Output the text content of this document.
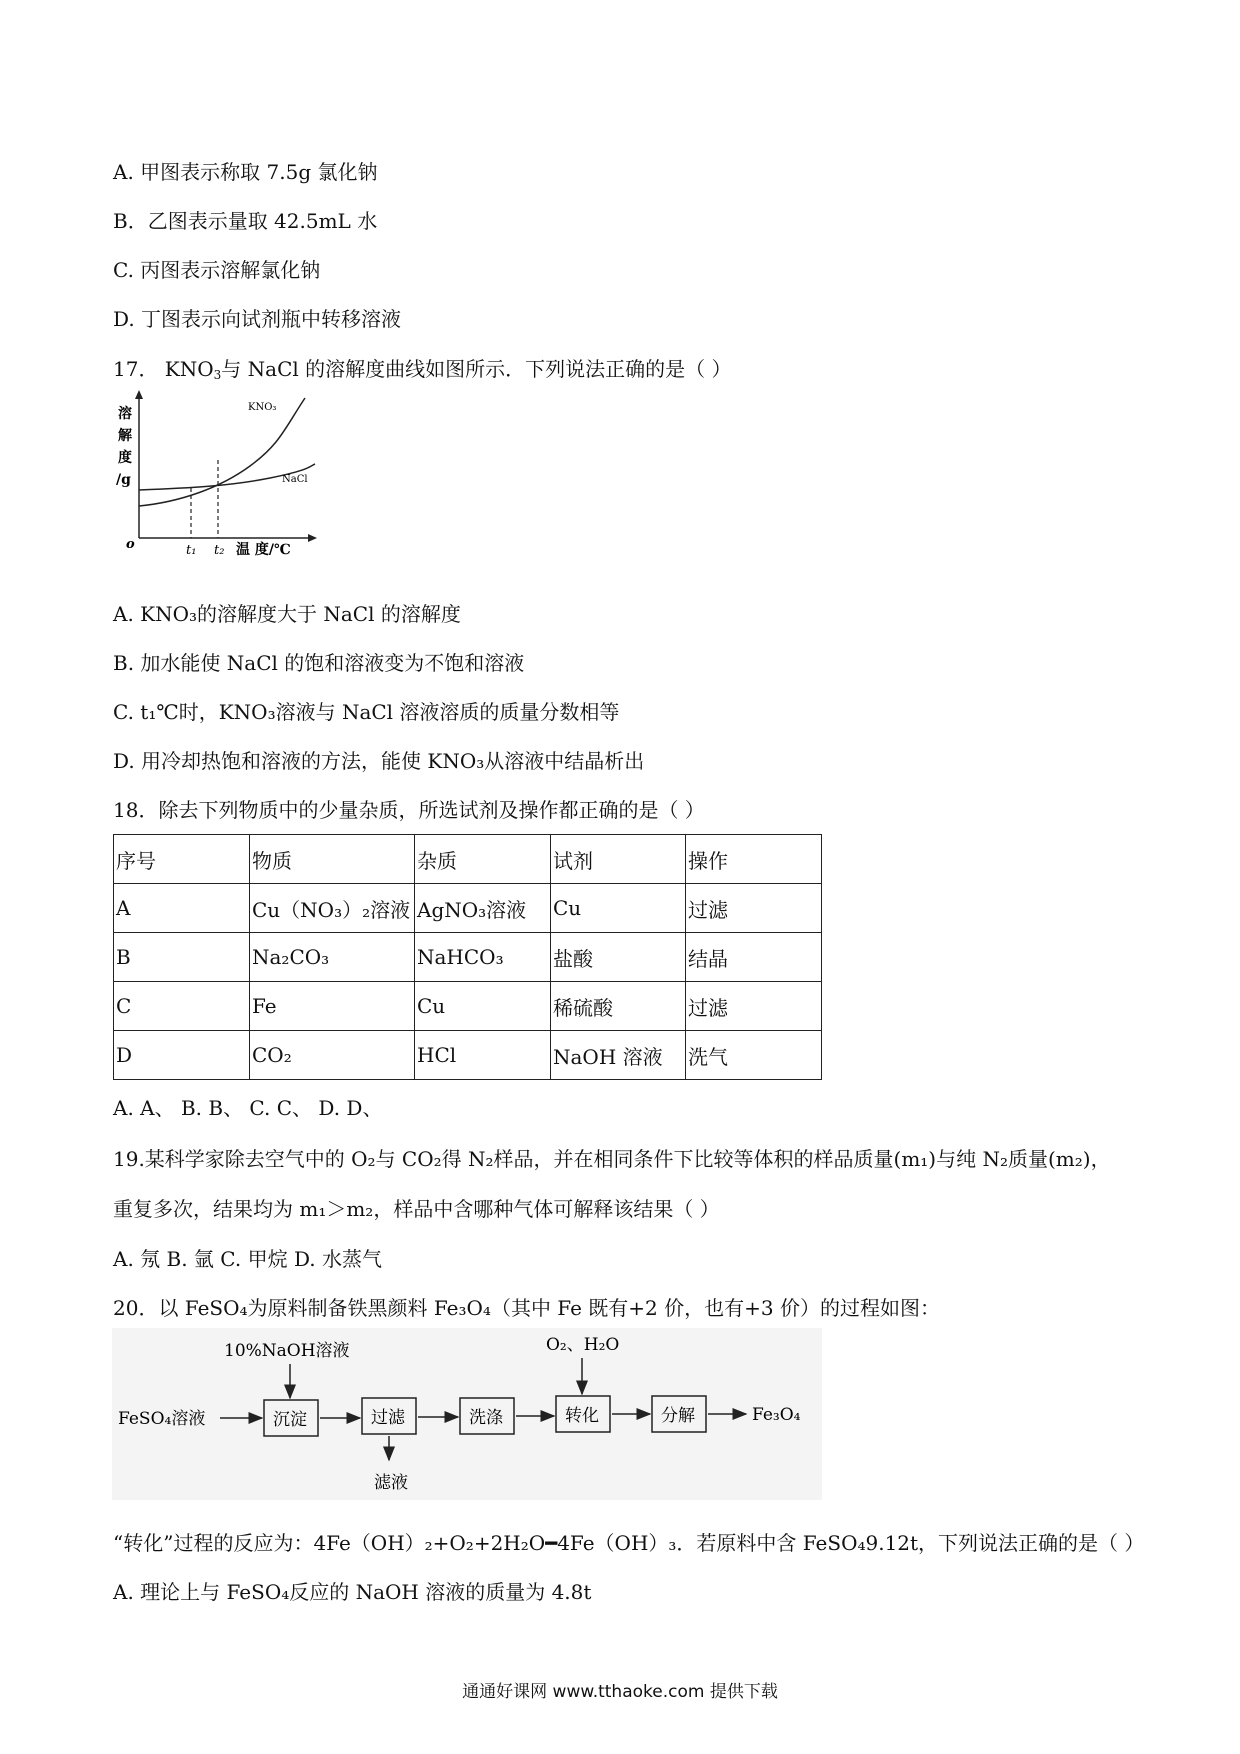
A. 甲图表示称取 7.5g 氯化钠
B．乙图表示量取 42.5mL 水
C. 丙图表示溶解氯化钠
D. 丁图表示向试剂瓶中转移溶液
17． $KNO_3$与 NaCl 的溶解度曲线如图所示．下列说法正确的是（ ）
溶
解
度
/g
o
KNO₃
NaCl
t₁ t₂ 温 度/℃
A. KNO₃的溶解度大于 NaCl 的溶解度
B. 加水能使 NaCl 的饱和溶液变为不饱和溶液
C. t₁℃时，KNO₃溶液与 NaCl 溶液溶质的质量分数相等
D. 用冷却热饱和溶液的方法，能使 KNO₃从溶液中结晶析出
18．除去下列物质中的少量杂质，所选试剂及操作都正确的是（ ）
序号	物质	杂质	试剂	操作
A	Cu（NO₃）₂溶液	AgNO₃溶液	Cu	过滤
B	Na₂CO₃	NaHCO₃	盐酸	结晶
C	Fe	Cu	稀硫酸	过滤
D	CO₂	HCl	NaOH 溶液	洗气
A. A、 B. B、 C. C、 D. D、
19.某科学家除去空气中的 O₂与 CO₂得 N₂样品，并在相同条件下比较等体积的样品质量(m₁)与纯 N₂质量(m₂)，
重复多次，结果均为 m₁＞m₂，样品中含哪种气体可解释该结果（ ）
A. 氖 B. 氩 C. 甲烷 D. 水蒸气
20．以 FeSO₄为原料制备铁黑颜料 Fe₃O₄（其中 Fe 既有+2 价，也有+3 价）的过程如图：
10%NaOH溶液
FeSO₄溶液	沉淀	过滤
滤液
洗涤
O₂、H₂O
转化	分解	Fe₃O₄
“转化”过程的反应为：4Fe（OH）₂+O₂+2H₂O━4Fe（OH）₃．若原料中含 FeSO₄9.12t，下列说法正确的是（ ）
A. 理论上与 FeSO₄反应的 NaOH 溶液的质量为 4.8t
通通好课网 www.tthaoke.com 提供下载
